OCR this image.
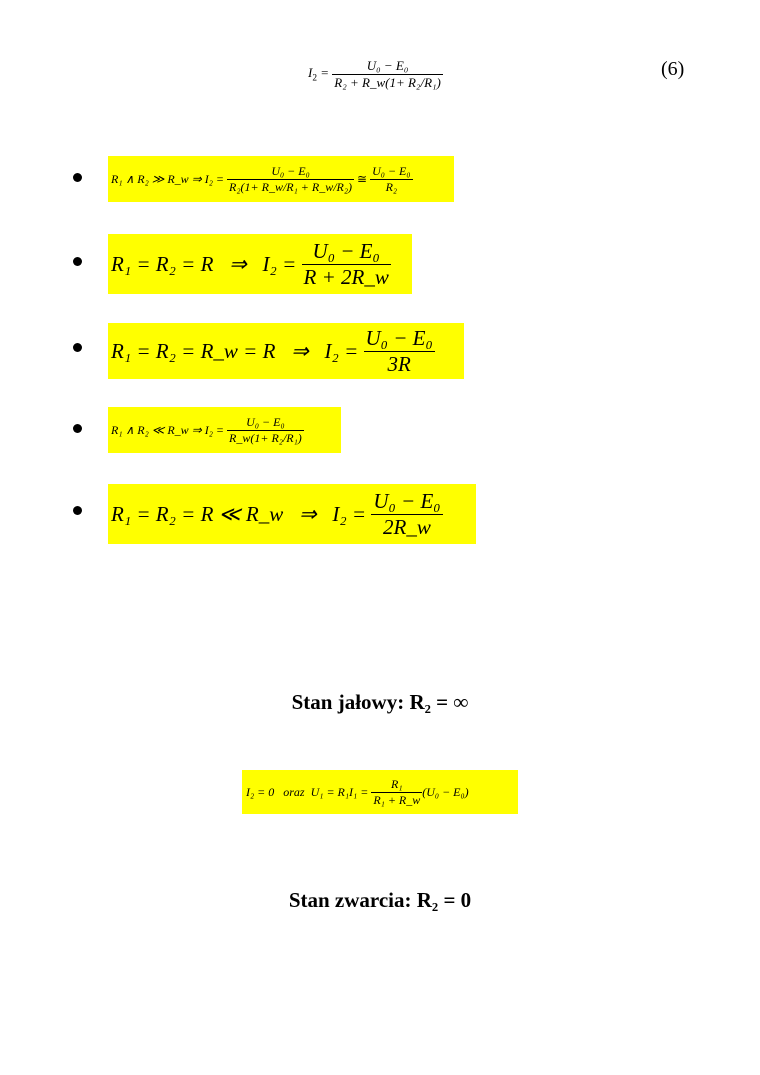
$I_2 = \frac{\text{U₀ − E₀}}{\text{R₂ + R\_w(1+ R₂/R₁)}}$	(6)
R₁ ∧ R₂ ≫ R_w ⇒ I₂ =
$\frac{\text{U₀ − E₀}}{\text{R₂(1+ R\_w/R₁ + R\_w/R₂)}}$
≅
$\frac{\text{U₀ − E₀}}{\text{R₂}}$
R₁ = R₂ = R   ⇒   I₂ =
$\frac{\text{U₀ − E₀}}{R + 2R\_w}$
R₁ = R₂ = R_w = R   ⇒   I₂ =
$\frac{\text{U₀ − E₀}}{3R}$
R₁ ∧ R₂ ≪ R_w ⇒ I₂ =
$\frac{\text{U₀ − E₀}}{\text{R\_w(1+ R₂/R₁)}}$
R₁ = R₂ = R ≪ R_w   ⇒   I₂ =
$\frac{\text{U₀ − E₀}}{2R\_w}$
Stan jałowy: R₂ = ∞
I₂ = 0   oraz  U₁ = R₁I₁ =
$\frac{\text{R₁}}{\text{R₁ + R\_w}} (U_0 - E_0)$
Stan zwarcia: R₂ = 0
